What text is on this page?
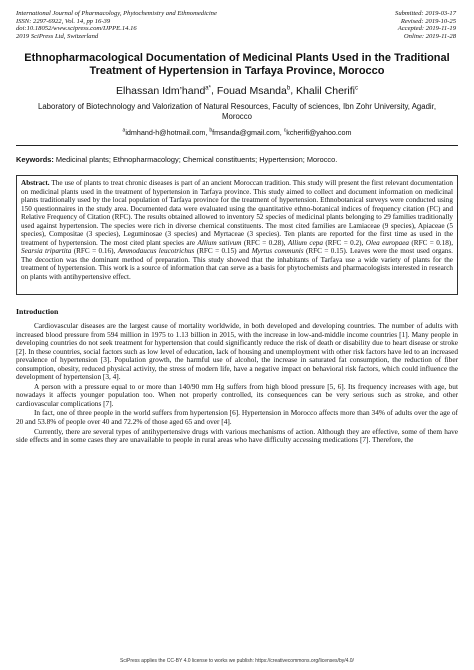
International Journal of Pharmacology, Phytochemistry and Ethnomedicine
ISSN: 2297-6922, Vol. 14, pp 16-39
doi:10.18052/www.scipress.com/IJPPE.14.16
2019 SciPress Ltd, Switzerland
Submitted: 2019-03-17
Revised: 2019-10-25
Accepted: 2019-11-19
Online: 2019-11-28
Ethnopharmacological Documentation of Medicinal Plants Used in the Traditional Treatment of Hypertension in Tarfaya Province, Morocco
Elhassan Idm’hand$^{a*}$, Fouad Msanda$^b$, Khalil Cherifi$^c$
Laboratory of Biotechnology and Valorization of Natural Resources, Faculty of sciences, Ibn Zohr University, Agadir, Morocco
$^a$idmhand-h@hotmail.com, $^b$fmsanda@gmail.com, $^c$kcherifi@yahoo.com
Keywords: Medicinal plants; Ethnopharmacology; Chemical constituents; Hypertension; Morocco.
Abstract. The use of plants to treat chronic diseases is part of an ancient Moroccan tradition. This study will present the first relevant documentation on medicinal plants used in the treatment of hypertension in Tarfaya province. This study aimed to collect and document information on medicinal plants traditionally used by the local population of Tarfaya province for the treatment of hypertension. Ethnobotanical surveys were conducted using 150 questionnaires in the study area. Documented data were evaluated using the quantitative ethno-botanical indices of frequency citation (FC) and Relative Frequency of Citation (RFC). The results obtained allowed to inventory 52 species of medicinal plants belonging to 29 families traditionally used against hypertension. The species were rich in diverse chemical constituents. The most cited families are Lamiaceae (9 species), Apiaceae (5 species), Compositae (3 species), Leguminosae (3 species) and Myrtaceae (3 species). Ten plants are reported for the first time as used in the treatment of hypertension. The most cited plant species are Allium sativum (RFC = 0.28), Allium cepa (RFC = 0.2), Olea europaea (RFC = 0.18), Searsia tripartita (RFC = 0.16), Ammodaucus leucotrichus (RFC = 0.15) and Myrtus communis (RFC = 0.15). Leaves were the most used organs. The decoction was the dominant method of preparation. This study showed that the inhabitants of Tarfaya use a wide variety of plants for the treatment of hypertension. This work is a source of information that can serve as a basis for phytochemists and pharmacologists interested in research on plants with antihypertensive effect.
Introduction

Cardiovascular diseases are the largest cause of mortality worldwide, in both developed and developing countries. The number of adults with increased blood pressure from 594 million in 1975 to 1.13 billion in 2015, with the increase in low-and-middle income countries [1]. Many people in developing countries do not seek treatment for hypertension that could significantly reduce the risk of death or disability due to heart disease or stroke [2]. In these countries, social factors such as low level of education, lack of housing and unemployment with other risk factors have led to an increased prevalence of hypertension [3]. Population growth, the harmful use of alcohol, the increase in saturated fat consumption, the reduction of fiber consumption, obesity, reduced physical activity, the stress of modern life, have a negative impact on behavioral risk factors, which could influence the development of hypertension [3, 4].

A person with a pressure equal to or more than 140/90 mm Hg suffers from high blood pressure [5, 6]. Its frequency increases with age, but nowadays it affects younger population too. When not properly controlled, its consequences can be very serious such as stroke, and other cardiovascular complications [7].

In fact, one of three people in the world suffers from hypertension [6]. Hypertension in Morocco affects more than 34% of adults over the age of 20 and 53.8% of people over 40 and 72.2% of those aged 65 and over [4].

Currently, there are several types of antihypertensive drugs with various mechanisms of action. Although they are effective, some of them have side effects and in some cases they are unavailable to people in rural areas who have difficulty accessing medications [7]. Therefore, the

SciPress applies the CC-BY 4.0 license to works we publish: https://creativecommons.org/licenses/by/4.0/
